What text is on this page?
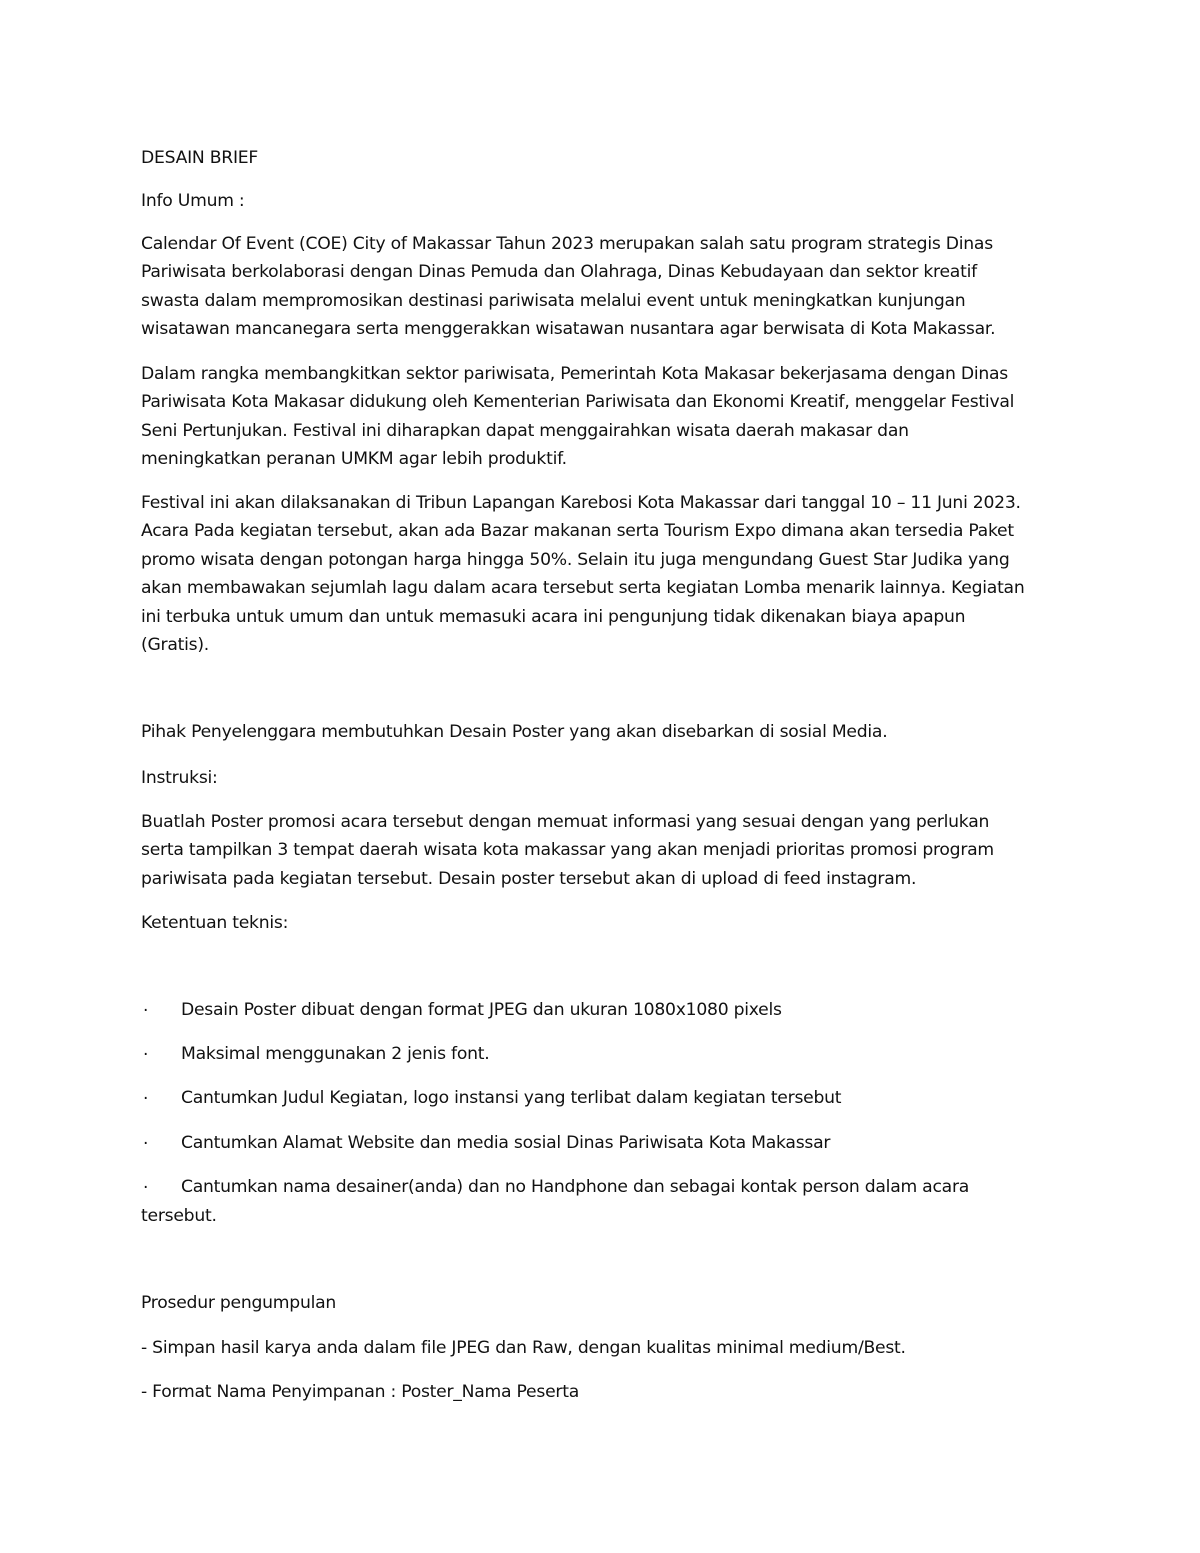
DESAIN BRIEF
Info Umum :
Calendar Of Event (COE) City of Makassar Tahun 2023 merupakan salah satu program strategis Dinas
Pariwisata berkolaborasi dengan Dinas Pemuda dan Olahraga, Dinas Kebudayaan dan sektor kreatif
swasta dalam mempromosikan destinasi pariwisata melalui event untuk meningkatkan kunjungan
wisatawan mancanegara serta menggerakkan wisatawan nusantara agar berwisata di Kota Makassar.
Dalam rangka membangkitkan sektor pariwisata, Pemerintah Kota Makasar bekerjasama dengan Dinas
Pariwisata Kota Makasar didukung oleh Kementerian Pariwisata dan Ekonomi Kreatif, menggelar Festival
Seni Pertunjukan. Festival ini diharapkan dapat menggairahkan wisata daerah makasar dan
meningkatkan peranan UMKM agar lebih produktif.
Festival ini akan dilaksanakan di Tribun Lapangan Karebosi Kota Makassar dari tanggal 10 – 11 Juni 2023.
Acara Pada kegiatan tersebut, akan ada Bazar makanan serta Tourism Expo dimana akan tersedia Paket
promo wisata dengan potongan harga hingga 50%. Selain itu juga mengundang Guest Star Judika yang
akan membawakan sejumlah lagu dalam acara tersebut serta kegiatan Lomba menarik lainnya. Kegiatan
ini terbuka untuk umum dan untuk memasuki acara ini pengunjung tidak dikenakan biaya apapun
(Gratis).
Pihak Penyelenggara membutuhkan Desain Poster yang akan disebarkan di sosial Media.
Instruksi:
Buatlah Poster promosi acara tersebut dengan memuat informasi yang sesuai dengan yang perlukan
serta tampilkan 3 tempat daerah wisata kota makassar yang akan menjadi prioritas promosi program
pariwisata pada kegiatan tersebut. Desain poster tersebut akan di upload di feed instagram.
Ketentuan teknis:
· Desain Poster dibuat dengan format JPEG dan ukuran 1080x1080 pixels
· Maksimal menggunakan 2 jenis font.
· Cantumkan Judul Kegiatan, logo instansi yang terlibat dalam kegiatan tersebut
· Cantumkan Alamat Website dan media sosial Dinas Pariwisata Kota Makassar
· Cantumkan nama desainer(anda) dan no Handphone dan sebagai kontak person dalam acara
tersebut.
Prosedur pengumpulan
- Simpan hasil karya anda dalam file JPEG dan Raw, dengan kualitas minimal medium/Best.
- Format Nama Penyimpanan : Poster_Nama Peserta
